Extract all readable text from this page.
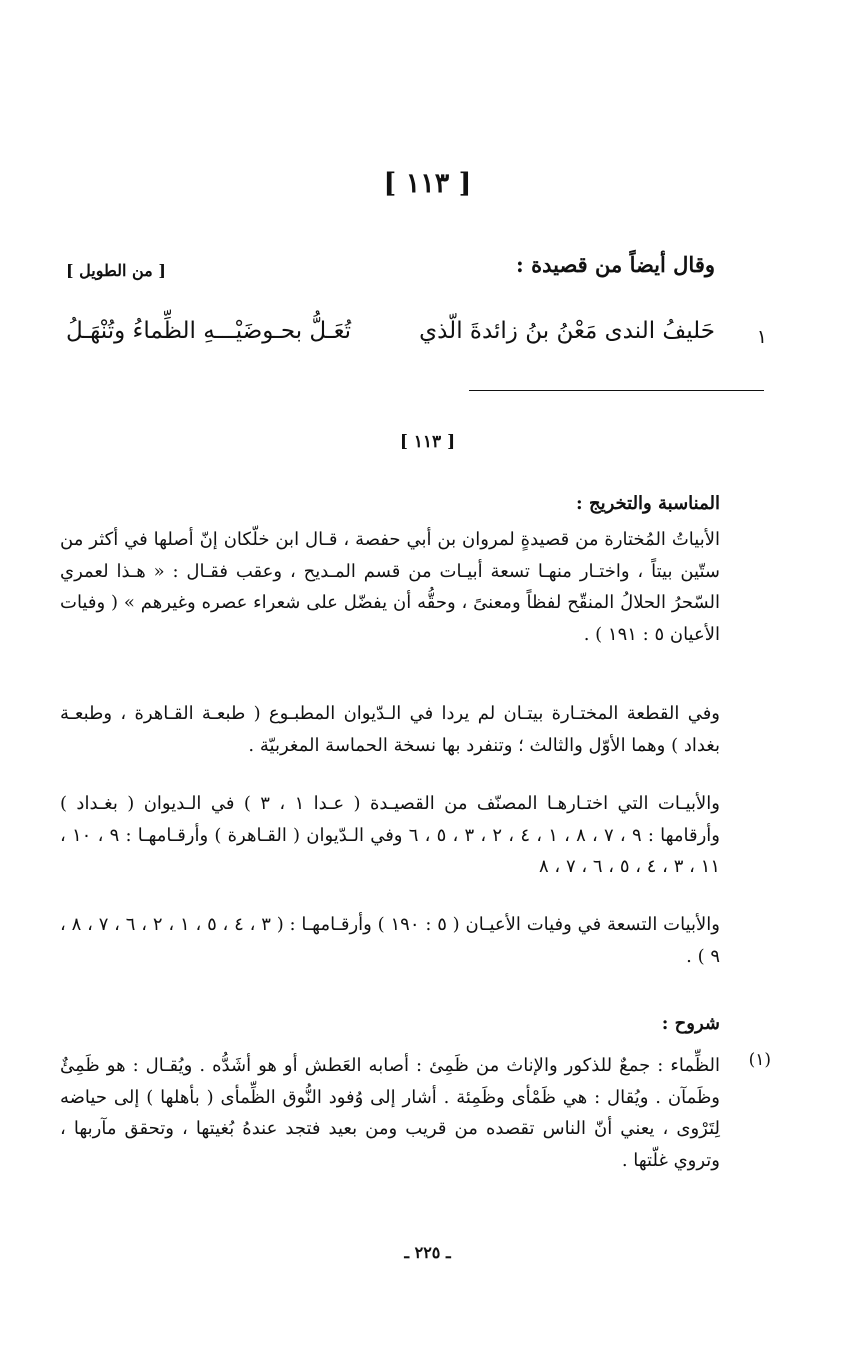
[ ١١٣ ]
وقال أيضاً من قصيدة :
[ من الطويل ]
١
حَليفُ الندى مَعْنُ بنُ زائدةَ الّذي
تُعَـلُّ بحـوضَيْـــهِ الظِّماءُ وتُنْهَـلُ
[ ١١٣ ]
المناسبة والتخريج :
الأبياتُ المُختارة من قصيدةٍ لمروان بن أبي حفصة ، قـال ابن خلّكان إنّ أصلها في أكثر من ستّين بيتاً ، واختـار منهـا تسعة أبيـات من قسم المـديح ، وعقب فقـال : « هـذا لعمري السّحرُ الحلالُ المنقّح لفظاً ومعنىً ، وحقُّه أن يفضّل على شعراء عصره وغيرهم » ( وفيات الأعيان ٥ : ١٩١ ) .
وفي القطعة المختـارة بيتـان لم يردا في الـدّيوان المطبـوع ( طبعـة القـاهرة ، وطبعـة بغداد ) وهما الأوّل والثالث ؛ وتنفرد بها نسخة الحماسة المغربيّة .
والأبيـات التي اختـارهـا المصنّف من القصيـدة ( عـدا ١ ، ٣ ) في الـديوان ( بغـداد ) وأرقامها : ٩ ، ٧ ، ٨ ، ١ ، ٤ ، ٢ ، ٣ ، ٥ ، ٦ وفي الـدّيوان ( القـاهرة ) وأرقـامهـا : ٩ ، ١٠ ، ١١ ، ٣ ، ٤ ، ٥ ، ٦ ، ٧ ، ٨
والأبيات التسعة في وفيات الأعيـان ( ٥ : ١٩٠ ) وأرقـامهـا : ( ٣ ، ٤ ، ٥ ، ١ ، ٢ ، ٦ ، ٧ ، ٨ ، ٩ ) .
شروح :
(١)
الظِّماء : جمعٌ للذكور والإناث من ظَمِئ : أصابه العَطش أو هو أشَدُّه . ويُقـال : هو ظَمِئٌ وظَمآن . ويُقال : هي ظَمْأى وظَمِئة . أشار إلى وُفود النُّوق الظِّمأى ( بأهلها ) إلى حياضه لِتَرْوى ، يعني أنّ الناس تقصده من قريب ومن بعيد فتجد عندهُ بُغيتها ، وتحقق مآربها ، وتروي غلّتها .
ـ ٢٢٥ ـ
